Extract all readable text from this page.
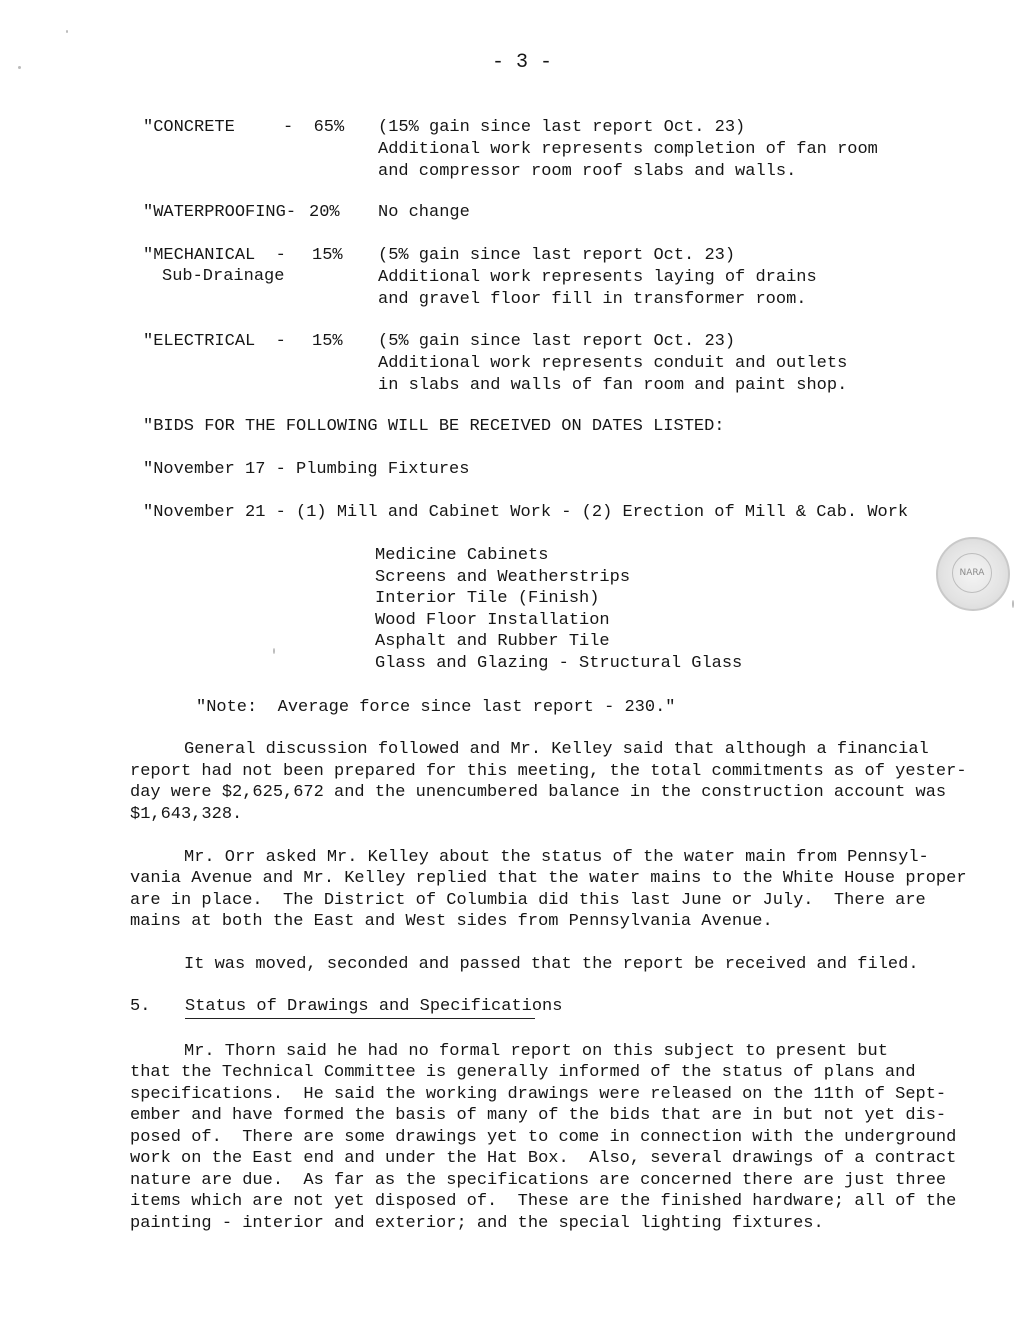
- 3 -
"CONCRETE	-  65% (15% gain since last report Oct. 23)
Additional work represents completion of fan room
and compressor room roof slabs and walls.
"WATERPROOFING- 20% No change
"MECHANICAL  -
Sub-Drainage
15% (5% gain since last report Oct. 23)
Additional work represents laying of drains
and gravel floor fill in transformer room.
"ELECTRICAL  - 15% (5% gain since last report Oct. 23)
Additional work represents conduit and outlets
in slabs and walls of fan room and paint shop.
"BIDS FOR THE FOLLOWING WILL BE RECEIVED ON DATES LISTED:
"November 17 - Plumbing Fixtures
"November 21 - (1) Mill and Cabinet Work - (2) Erection of Mill & Cab. Work
Medicine Cabinets
Screens and Weatherstrips
Interior Tile (Finish)
Wood Floor Installation
Asphalt and Rubber Tile
Glass and Glazing - Structural Glass
NARA
"Note:  Average force since last report - 230."
General discussion followed and Mr. Kelley said that although a financial
report had not been prepared for this meeting, the total commitments as of yester-
day were $2,625,672 and the unencumbered balance in the construction account was
$1,643,328.
Mr. Orr asked Mr. Kelley about the status of the water main from Pennsyl-
vania Avenue and Mr. Kelley replied that the water mains to the White House proper
are in place.  The District of Columbia did this last June or July.  There are
mains at both the East and West sides from Pennsylvania Avenue.
It was moved, seconded and passed that the report be received and filed.
5. Status of Drawings and Specifications
Mr. Thorn said he had no formal report on this subject to present but
that the Technical Committee is generally informed of the status of plans and
specifications.  He said the working drawings were released on the 11th of Sept-
ember and have formed the basis of many of the bids that are in but not yet dis-
posed of.  There are some drawings yet to come in connection with the underground
work on the East end and under the Hat Box.  Also, several drawings of a contract
nature are due.  As far as the specifications are concerned there are just three
items which are not yet disposed of.  These are the finished hardware; all of the
painting - interior and exterior; and the special lighting fixtures.
